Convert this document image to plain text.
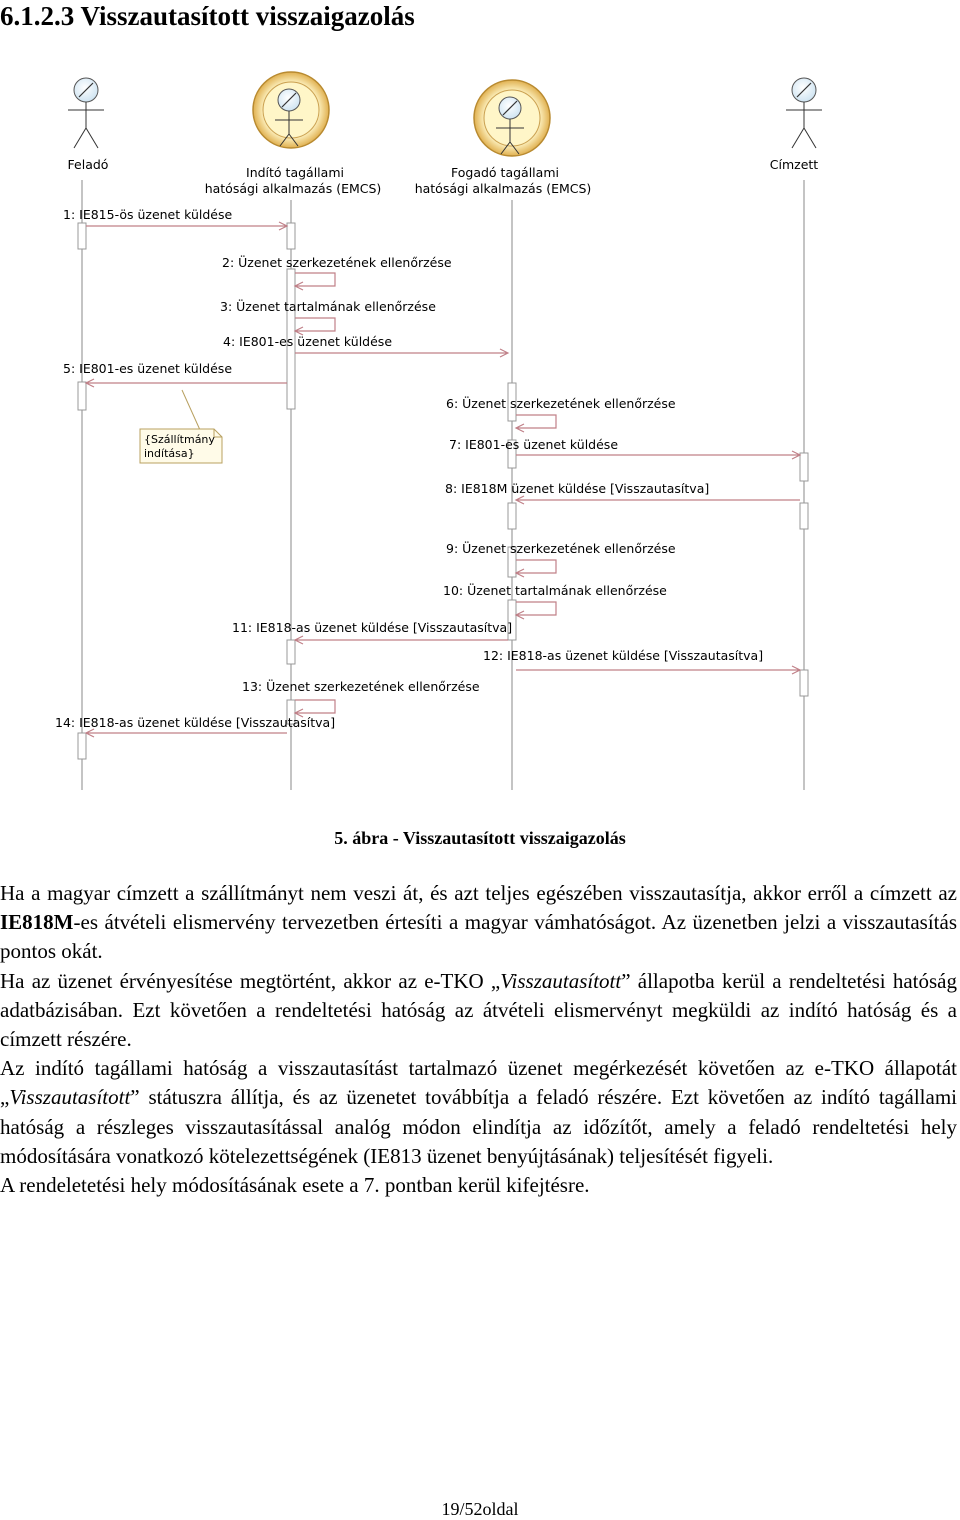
6.1.2.3 Visszautasított visszaigazolás
Feladó
Indító tagállami
hatósági alkalmazás (EMCS)
Fogadó tagállami
hatósági alkalmazás (EMCS)
Címzett
1: IE815-ös üzenet küldése
2: Üzenet szerkezetének ellenőrzése
3: Üzenet tartalmának ellenőrzése
4: IE801-es üzenet küldése
5: IE801-es üzenet küldése
6: Üzenet szerkezetének ellenőrzése
7: IE801-es üzenet küldése
8: IE818M üzenet küldése [Visszautasítva]
9: Üzenet szerkezetének ellenőrzése
10: Üzenet tartalmának ellenőrzése
11: IE818-as üzenet küldése [Visszautasítva]
12: IE818-as üzenet küldése [Visszautasítva]
13: Üzenet szerkezetének ellenőrzése
14: IE818-as üzenet küldése [Visszautasítva]
{Szállítmány
indítása}
5. ábra - Visszautasított visszaigazolás

Ha a magyar címzett a szállítmányt nem veszi át, és azt teljes egészében visszautasítja, akkor erről a címzett az IE818M-es átvételi elismervény tervezetben értesíti a magyar vámhatóságot. Az üzenetben jelzi a visszautasítás pontos okát.

Ha az üzenet érvényesítése megtörtént, akkor az e-TKO „Visszautasított” állapotba kerül a rendeltetési hatóság adatbázisában. Ezt követően a rendeltetési hatóság az átvételi elismervényt megküldi az indító hatóság és a címzett részére.

Az indító tagállami hatóság a visszautasítást tartalmazó üzenet megérkezését követően az e-TKO állapotát „Visszautasított” státuszra állítja, és az üzenetet továbbítja a feladó részére. Ezt követően az indító tagállami hatóság a részleges visszautasítással analóg módon elindítja az időzítőt, amely a feladó rendeltetési hely módosítására vonatkozó kötelezettségének (IE813 üzenet benyújtásának) teljesítését figyeli.

A rendeletetési hely módosításának esete a 7. pontban kerül kifejtésre.

19/52oldal
